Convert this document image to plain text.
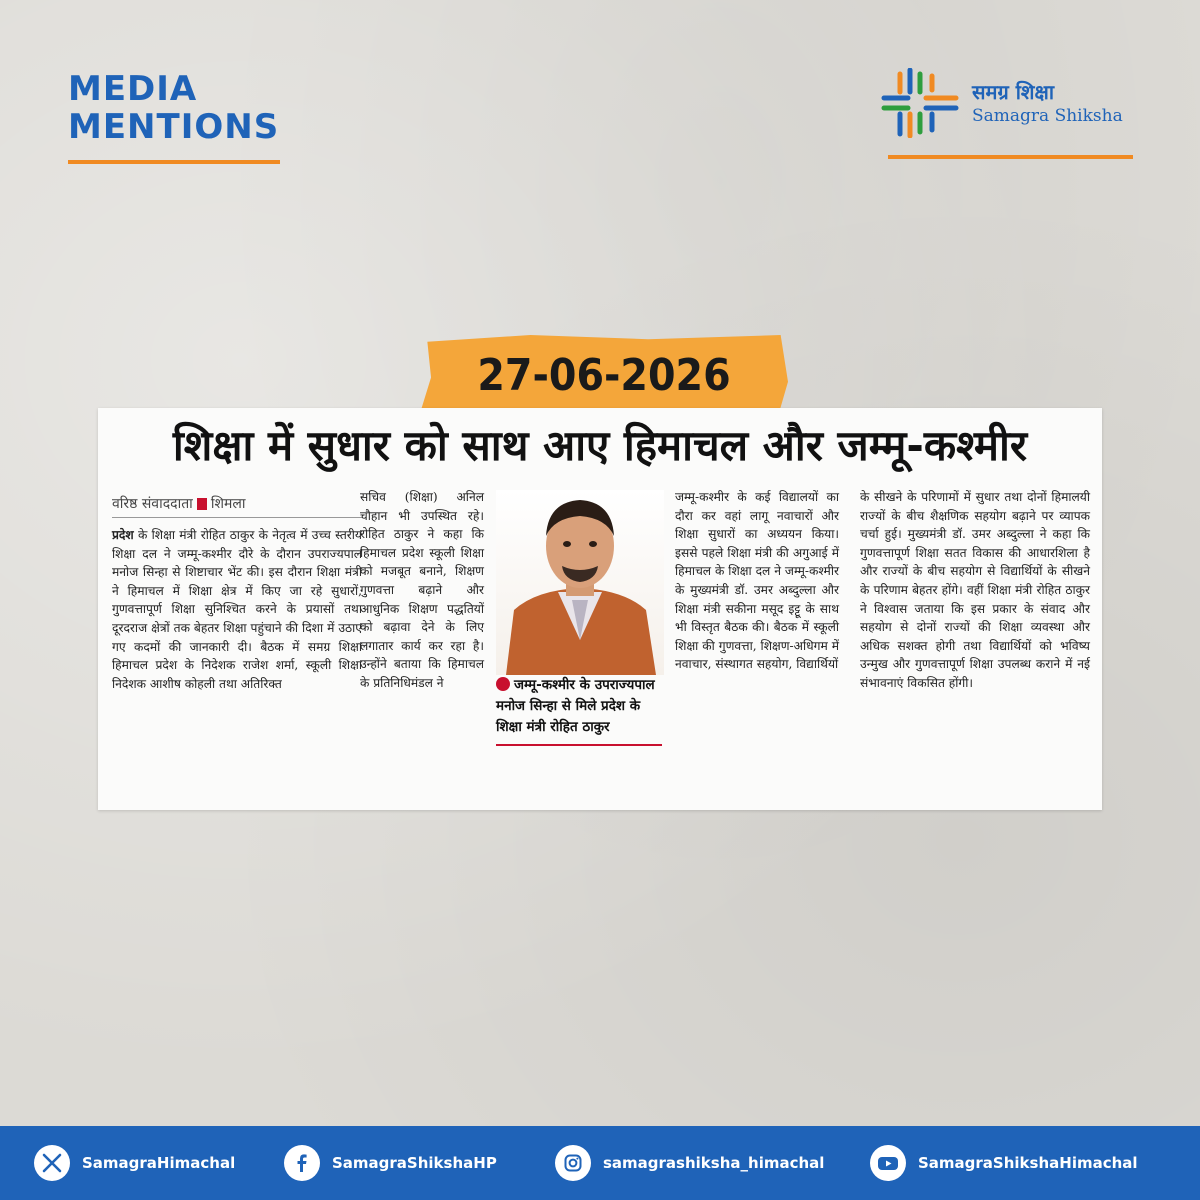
MEDIA
MENTIONS
समग्र शिक्षा
Samagra Shiksha
27-06-2026
शिक्षा में सुधार को साथ आए हिमाचल और जम्मू-कश्मीर
वरिष्ठ संवाददाता शिमला
प्रदेश के शिक्षा मंत्री रोहित ठाकुर के नेतृत्व में उच्च स्तरीय शिक्षा दल ने जम्मू-कश्मीर दौरे के दौरान उपराज्यपाल मनोज सिन्हा से शिष्टाचार भेंट की। इस दौरान शिक्षा मंत्री ने हिमाचल में शिक्षा क्षेत्र में किए जा रहे सुधारों, गुणवत्तापूर्ण शिक्षा सुनिश्चित करने के प्रयासों तथा दूरदराज क्षेत्रों तक बेहतर शिक्षा पहुंचाने की दिशा में उठाए गए कदमों की जानकारी दी। बैठक में समग्र शिक्षा हिमाचल प्रदेश के निदेशक राजेश शर्मा, स्कूली शिक्षा निदेशक आशीष कोहली तथा अतिरिक्त
सचिव (शिक्षा) अनिल चौहान भी उपस्थित रहे। रोहित ठाकुर ने कहा कि हिमाचल प्रदेश स्कूली शिक्षा को मजबूत बनाने, शिक्षण गुणवत्ता बढ़ाने और आधुनिक शिक्षण पद्धतियों को बढ़ावा देने के लिए लगातार कार्य कर रहा है। उन्होंने बताया कि हिमाचल के प्रतिनिधिमंडल ने	जम्मू-कश्मीर के उपराज्यपाल मनोज सिन्हा से मिले प्रदेश के शिक्षा मंत्री रोहित ठाकुर
जम्मू-कश्मीर के कई विद्यालयों का दौरा कर वहां लागू नवाचारों और शिक्षा सुधारों का अध्ययन किया। इससे पहले शिक्षा मंत्री की अगुआई में हिमाचल के शिक्षा दल ने जम्मू-कश्मीर के मुख्यमंत्री डॉ. उमर अब्दुल्ला और शिक्षा मंत्री सकीना मसूद इट्टू के साथ भी विस्तृत बैठक की। बैठक में स्कूली शिक्षा की गुणवत्ता, शिक्षण-अधिगम में नवाचार, संस्थागत सहयोग, विद्यार्थियों
के सीखने के परिणामों में सुधार तथा दोनों हिमालयी राज्यों के बीच शैक्षणिक सहयोग बढ़ाने पर व्यापक चर्चा हुई। मुख्यमंत्री डॉ. उमर अब्दुल्ला ने कहा कि गुणवत्तापूर्ण शिक्षा सतत विकास की आधारशिला है और राज्यों के बीच सहयोग से विद्यार्थियों के सीखने के परिणाम बेहतर होंगे। वहीं शिक्षा मंत्री रोहित ठाकुर ने विश्वास जताया कि इस प्रकार के संवाद और सहयोग से दोनों राज्यों की शिक्षा व्यवस्था और अधिक सशक्त होगी तथा विद्यार्थियों को भविष्य उन्मुख और गुणवत्तापूर्ण शिक्षा उपलब्ध कराने में नई संभावनाएं विकसित होंगी।
SamagraHimachal	SamagraShikshaHP	samagrashiksha_himachal	SamagraShikshaHimachal
